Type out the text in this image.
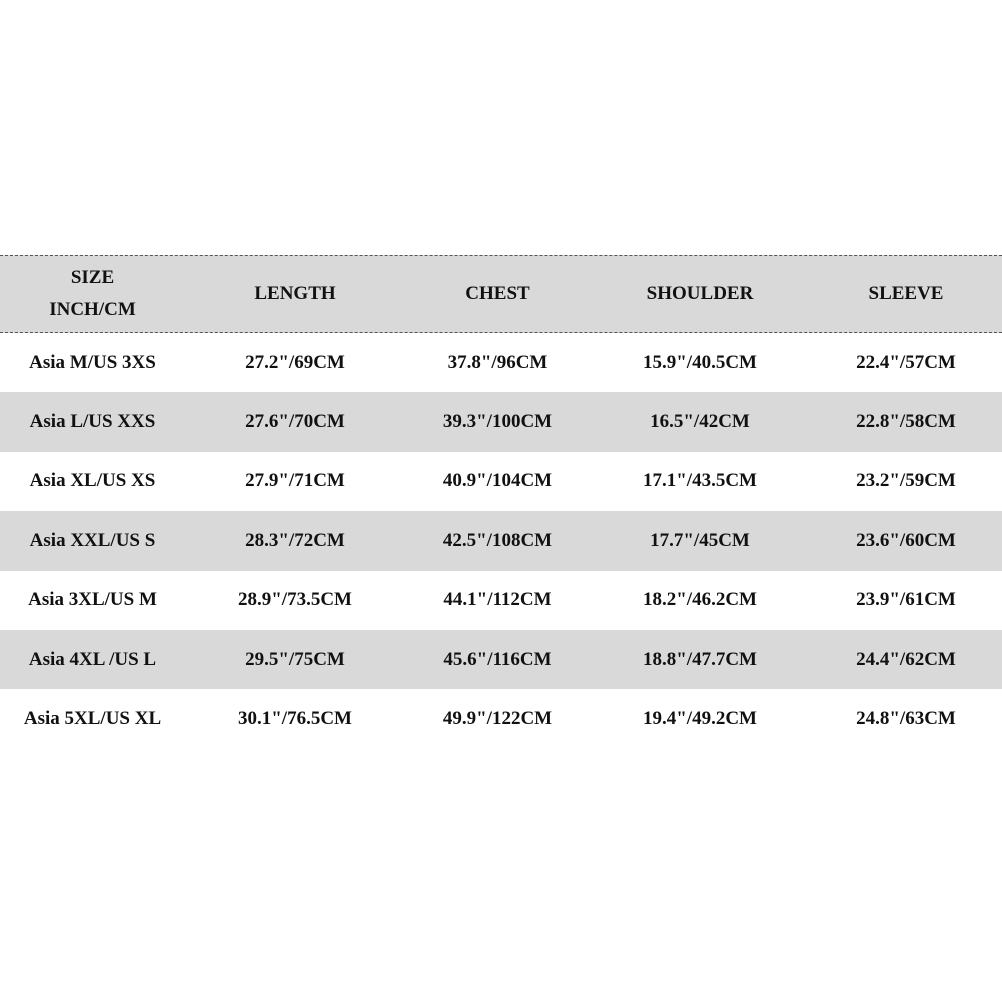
SIZE
INCH/CM
LENGTH	CHEST	SHOULDER	SLEEVE
Asia M/US 3XS	27.2"/69CM	37.8"/96CM	15.9"/40.5CM	22.4"/57CM
Asia L/US XXS	27.6"/70CM	39.3"/100CM	16.5"/42CM	22.8"/58CM
Asia XL/US XS	27.9"/71CM	40.9"/104CM	17.1"/43.5CM	23.2"/59CM
Asia XXL/US S	28.3"/72CM	42.5"/108CM	17.7"/45CM	23.6"/60CM
Asia 3XL/US M	28.9"/73.5CM	44.1"/112CM	18.2"/46.2CM	23.9"/61CM
Asia 4XL /US L	29.5"/75CM	45.6"/116CM	18.8"/47.7CM	24.4"/62CM
Asia 5XL/US XL	30.1"/76.5CM	49.9"/122CM	19.4"/49.2CM	24.8"/63CM
